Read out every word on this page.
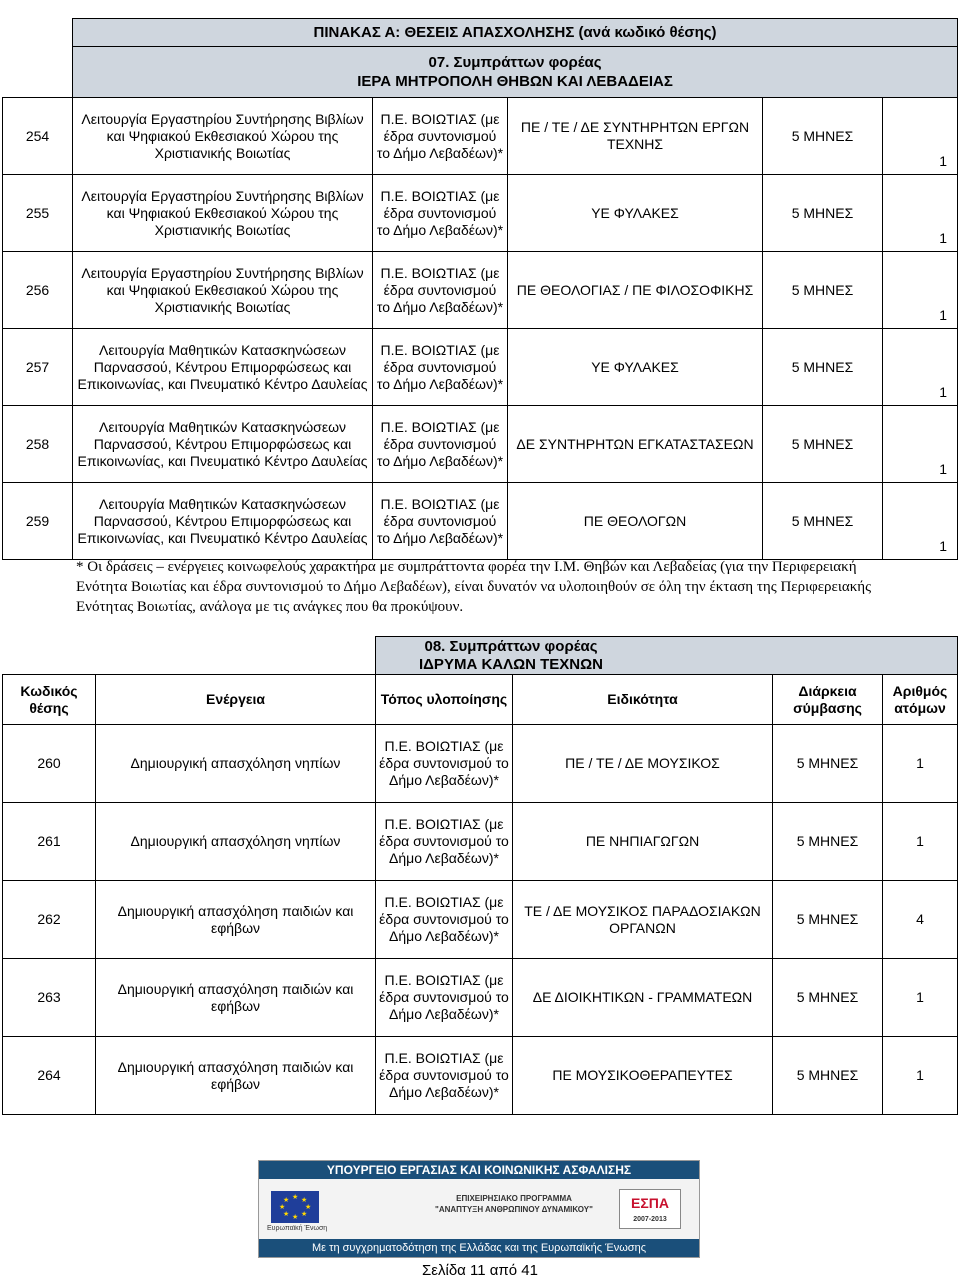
	ΠΙΝΑΚΑΣ Α: ΘΕΣΕΙΣ ΑΠΑΣΧΟΛΗΣΗΣ (ανά κωδικό θέσης)
07. Συμπράττων φορέας
ΙΕΡΑ ΜΗΤΡΟΠΟΛΗ ΘΗΒΩΝ ΚΑΙ ΛΕΒΑΔΕΙΑΣ				

254	Λειτουργία Εργαστηρίου Συντήρησης Βιβλίων και Ψηφιακού Εκθεσιακού Χώρου της Χριστιανικής Βοιωτίας	Π.Ε. ΒΟΙΩΤΙΑΣ (με έδρα συντονισμού το Δήμο Λεβαδέων)*	ΠΕ / ΤΕ / ΔΕ ΣΥΝΤΗΡΗΤΩΝ ΕΡΓΩΝ ΤΕΧΝΗΣ	5 ΜΗΝΕΣ	1
255	Λειτουργία Εργαστηρίου Συντήρησης Βιβλίων και Ψηφιακού Εκθεσιακού Χώρου της Χριστιανικής Βοιωτίας	Π.Ε. ΒΟΙΩΤΙΑΣ (με έδρα συντονισμού το Δήμο Λεβαδέων)*	ΥΕ ΦΥΛΑΚΕΣ	5 ΜΗΝΕΣ	1
256	Λειτουργία Εργαστηρίου Συντήρησης Βιβλίων και Ψηφιακού Εκθεσιακού Χώρου της Χριστιανικής Βοιωτίας	Π.Ε. ΒΟΙΩΤΙΑΣ (με έδρα συντονισμού το Δήμο Λεβαδέων)*	ΠΕ ΘΕΟΛΟΓΙΑΣ / ΠΕ ΦΙΛΟΣΟΦΙΚΗΣ	5 ΜΗΝΕΣ	1
257	Λειτουργία Μαθητικών Κατασκηνώσεων Παρνασσού, Κέντρου Επιμορφώσεως και Επικοινωνίας, και Πνευματικό Κέντρο Δαυλείας	Π.Ε. ΒΟΙΩΤΙΑΣ (με έδρα συντονισμού το Δήμο Λεβαδέων)*	ΥΕ ΦΥΛΑΚΕΣ	5 ΜΗΝΕΣ	1
258	Λειτουργία Μαθητικών Κατασκηνώσεων Παρνασσού, Κέντρου Επιμορφώσεως και Επικοινωνίας, και Πνευματικό Κέντρο Δαυλείας	Π.Ε. ΒΟΙΩΤΙΑΣ (με έδρα συντονισμού το Δήμο Λεβαδέων)*	ΔΕ ΣΥΝΤΗΡΗΤΩΝ ΕΓΚΑΤΑΣΤΑΣΕΩΝ	5 ΜΗΝΕΣ	1
259	Λειτουργία Μαθητικών Κατασκηνώσεων Παρνασσού, Κέντρου Επιμορφώσεως και Επικοινωνίας, και Πνευματικό Κέντρο Δαυλείας	Π.Ε. ΒΟΙΩΤΙΑΣ (με έδρα συντονισμού το Δήμο Λεβαδέων)*	ΠΕ ΘΕΟΛΟΓΩΝ	5 ΜΗΝΕΣ	1
* Οι δράσεις – ενέργειες κοινωφελούς χαρακτήρα με συμπράττοντα φορέα την Ι.Μ. Θηβών και Λεβαδείας (για την Περιφερειακή Ενότητα Βοιωτίας και έδρα συντονισμού το Δήμο Λεβαδέων), είναι δυνατόν να υλοποιηθούν σε όλη την έκταση της Περιφερειακής Ενότητας Βοιωτίας, ανάλογα με τις ανάγκες που θα προκύψουν.

		08. Συμπράττων φορέας
ΙΔΡΥΜΑ ΚΑΛΩΝ ΤΕΧΝΩΝ			

Κωδικός θέσης	Ενέργεια	Τόπος υλοποίησης	Ειδικότητα	Διάρκεια σύμβασης	Αριθμός ατόμων
260	Δημιουργική απασχόληση νηπίων	Π.Ε. ΒΟΙΩΤΙΑΣ (με έδρα συντονισμού το Δήμο Λεβαδέων)*	ΠΕ / ΤΕ / ΔΕ ΜΟΥΣΙΚΟΣ	5 ΜΗΝΕΣ	1
261	Δημιουργική απασχόληση νηπίων	Π.Ε. ΒΟΙΩΤΙΑΣ (με έδρα συντονισμού το Δήμο Λεβαδέων)*	ΠΕ ΝΗΠΙΑΓΩΓΩΝ	5 ΜΗΝΕΣ	1
262	Δημιουργική απασχόληση παιδιών και εφήβων	Π.Ε. ΒΟΙΩΤΙΑΣ (με έδρα συντονισμού το Δήμο Λεβαδέων)*	ΤΕ / ΔΕ ΜΟΥΣΙΚΟΣ ΠΑΡΑΔΟΣΙΑΚΩΝ ΟΡΓΑΝΩΝ	5 ΜΗΝΕΣ	4
263	Δημιουργική απασχόληση παιδιών και εφήβων	Π.Ε. ΒΟΙΩΤΙΑΣ (με έδρα συντονισμού το Δήμο Λεβαδέων)*	ΔΕ ΔΙΟΙΚΗΤΙΚΩΝ - ΓΡΑΜΜΑΤΕΩΝ	5 ΜΗΝΕΣ	1
264	Δημιουργική απασχόληση παιδιών και εφήβων	Π.Ε. ΒΟΙΩΤΙΑΣ (με έδρα συντονισμού το Δήμο Λεβαδέων)*	ΠΕ ΜΟΥΣΙΚΟΘΕΡΑΠΕΥΤΕΣ	5 ΜΗΝΕΣ	1
ΥΠΟΥΡΓΕΙΟ ΕΡΓΑΣΙΑΣ ΚΑΙ ΚΟΙΝΩΝΙΚΗΣ ΑΣΦΑΛΙΣΗΣ
★ ★
★
★
★
★
★
★
Ευρωπαϊκή Ένωση
ΕΠΙΧΕΙΡΗΣΙΑΚΟ ΠΡΟΓΡΑΜΜΑ
"ΑΝΑΠΤΥΞΗ ΑΝΘΡΩΠΙΝΟΥ ΔΥΝΑΜΙΚΟΥ"	ΕΣΠΑ
2007-2013
Με τη συγχρηματοδότηση της Ελλάδας και της Ευρωπαϊκής Ένωσης
Σελίδα 11 από 41
